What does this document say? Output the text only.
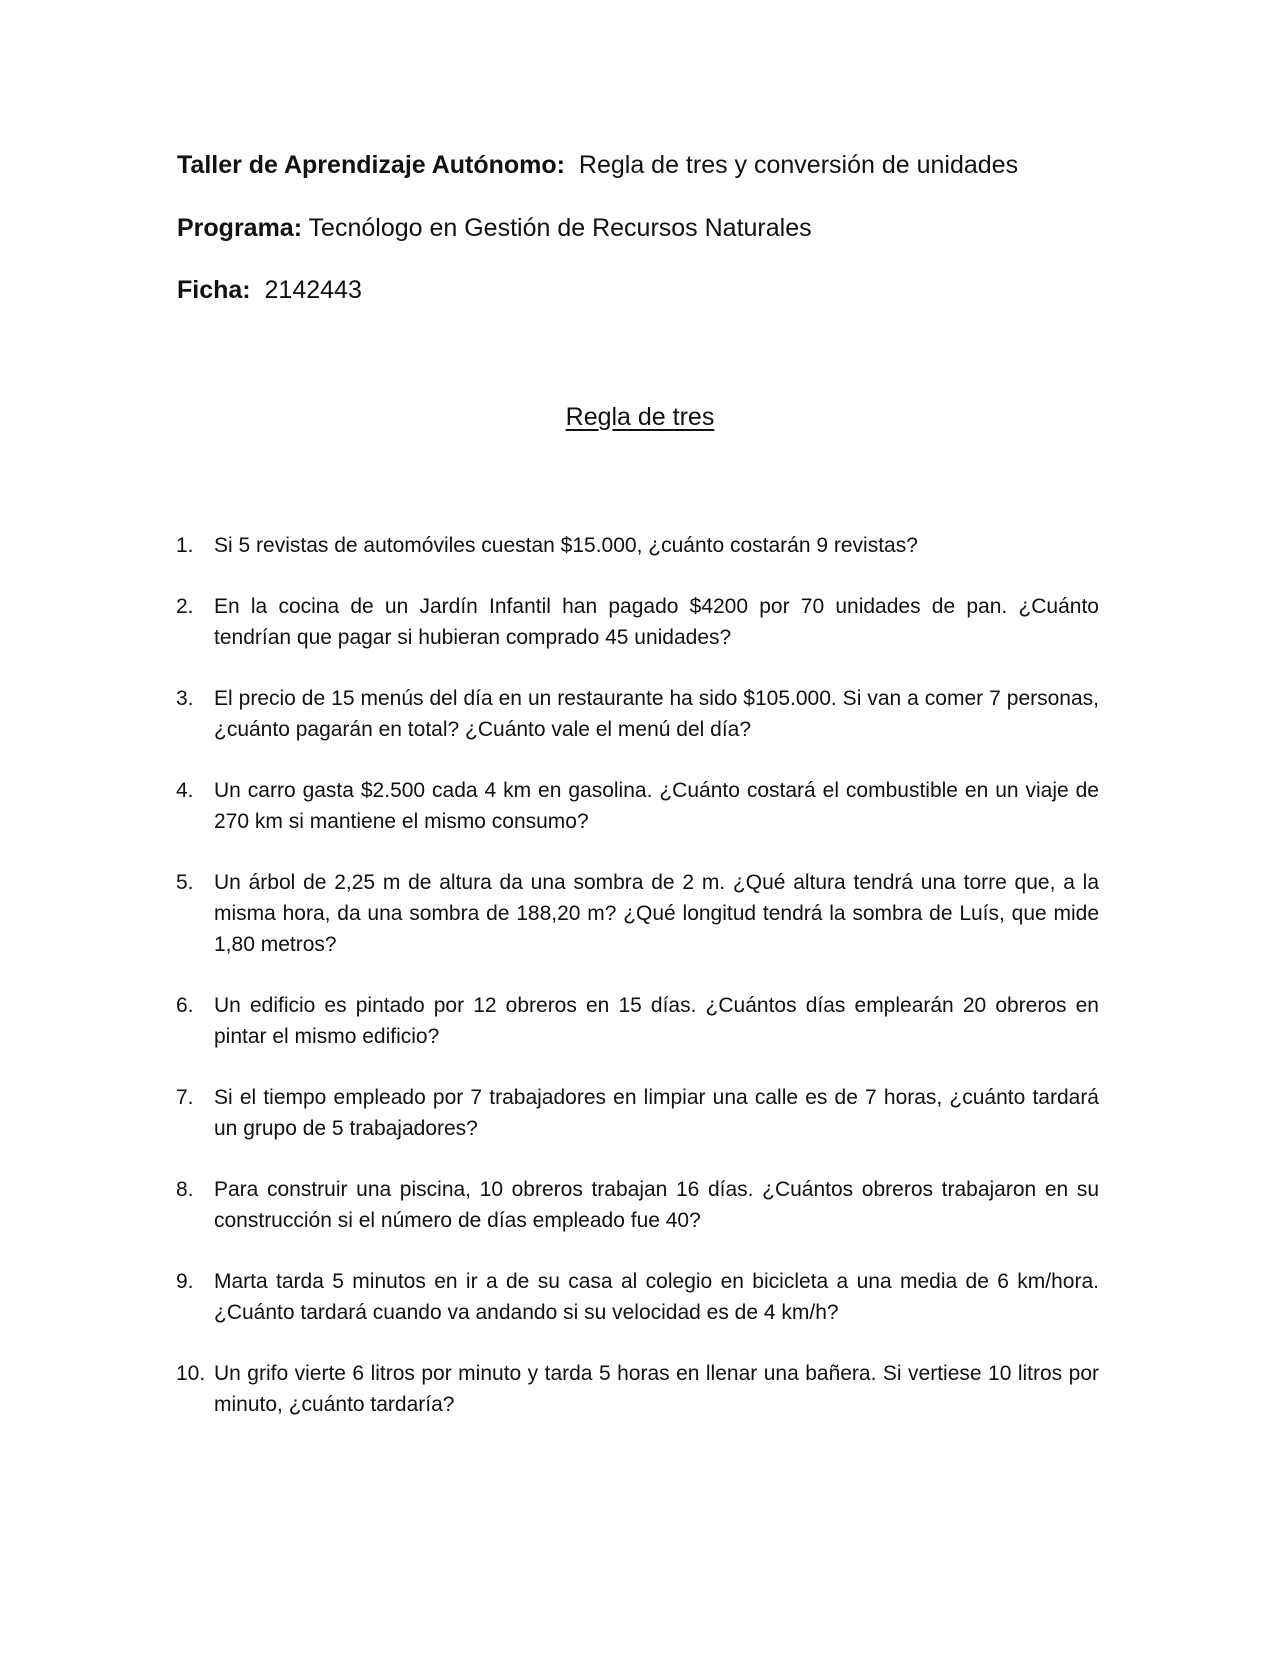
Taller de Aprendizaje Autónomo: Regla de tres y conversión de unidades
Programa: Tecnólogo en Gestión de Recursos Naturales
Ficha: 2142443
Regla de tres
1. Si 5 revistas de automóviles cuestan $15.000, ¿cuánto costarán 9 revistas?
2. En la cocina de un Jardín Infantil han pagado $4200 por 70 unidades de pan. ¿Cuánto tendrían que pagar si hubieran comprado 45 unidades?
3. El precio de 15 menús del día en un restaurante ha sido $105.000. Si van a comer 7 personas, ¿cuánto pagarán en total? ¿Cuánto vale el menú del día?
4. Un carro gasta $2.500 cada 4 km en gasolina. ¿Cuánto costará el combustible en un viaje de 270 km si mantiene el mismo consumo?
5. Un árbol de 2,25 m de altura da una sombra de 2 m. ¿Qué altura tendrá una torre que, a la misma hora, da una sombra de 188,20 m? ¿Qué longitud tendrá la sombra de Luís, que mide 1,80 metros?
6. Un edificio es pintado por 12 obreros en 15 días. ¿Cuántos días emplearán 20 obreros en pintar el mismo edificio?
7. Si el tiempo empleado por 7 trabajadores en limpiar una calle es de 7 horas, ¿cuánto tardará un grupo de 5 trabajadores?
8. Para construir una piscina, 10 obreros trabajan 16 días. ¿Cuántos obreros trabajaron en su construcción si el número de días empleado fue 40?
9. Marta tarda 5 minutos en ir a de su casa al colegio en bicicleta a una media de 6 km/hora. ¿Cuánto tardará cuando va andando si su velocidad es de 4 km/h?
10. Un grifo vierte 6 litros por minuto y tarda 5 horas en llenar una bañera. Si vertiese 10 litros por minuto, ¿cuánto tardaría?
